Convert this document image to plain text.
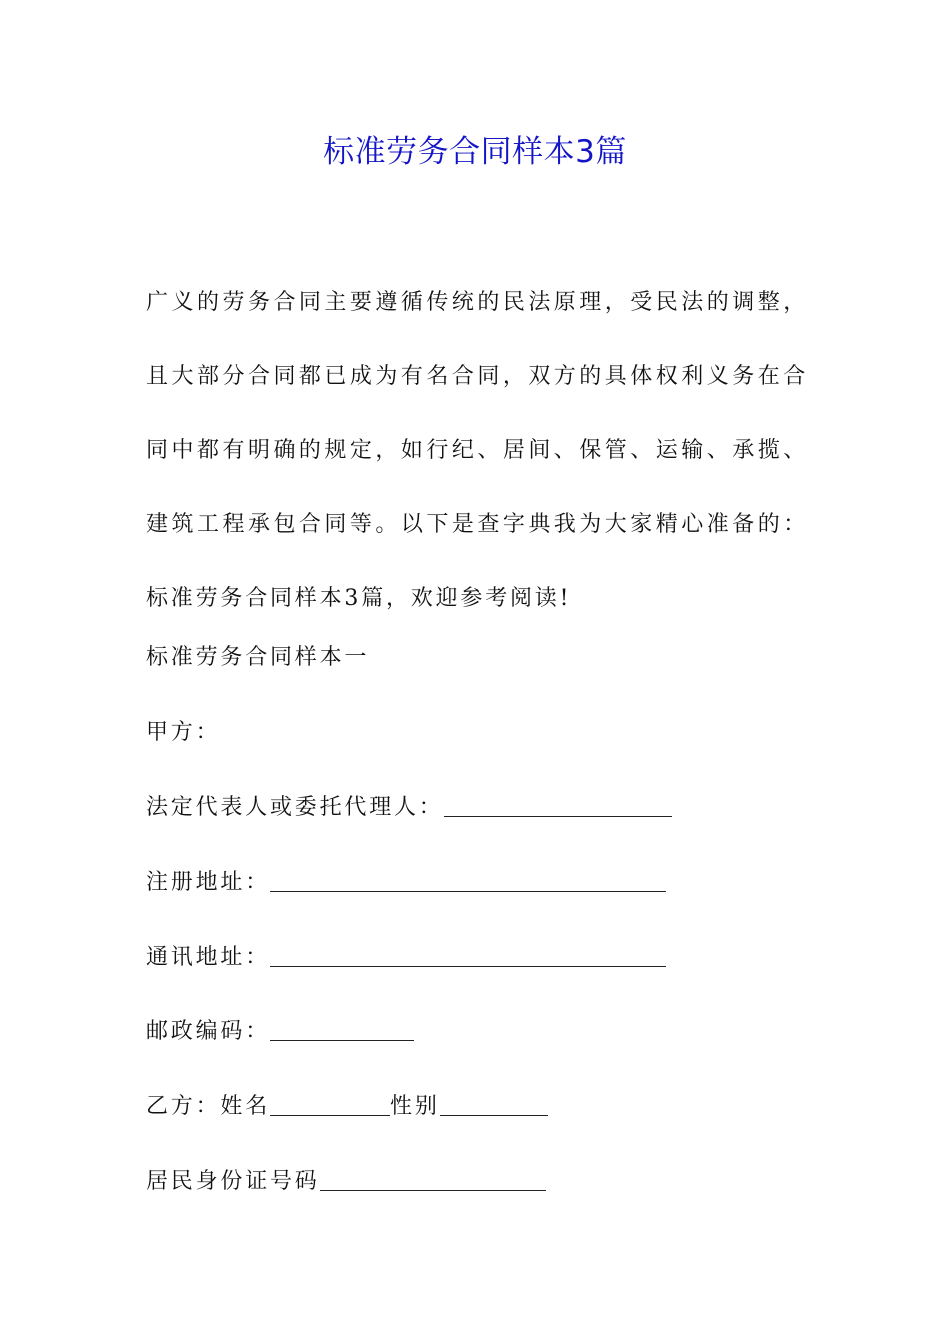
标准劳务合同样本3篇
广义的劳务合同主要遵循传统的民法原理，受民法的调整，且大部分合同都已成为有名合同，双方的具体权利义务在合同中都有明确的规定，如行纪、居间、保管、运输、承揽、建筑工程承包合同等。以下是查字典我为大家精心准备的：标准劳务合同样本3篇，欢迎参考阅读!
标准劳务合同样本一
甲方：
法定代表人或委托代理人：
注册地址：
通讯地址：
邮政编码：
乙方：姓名	性别
居民身份证号码
